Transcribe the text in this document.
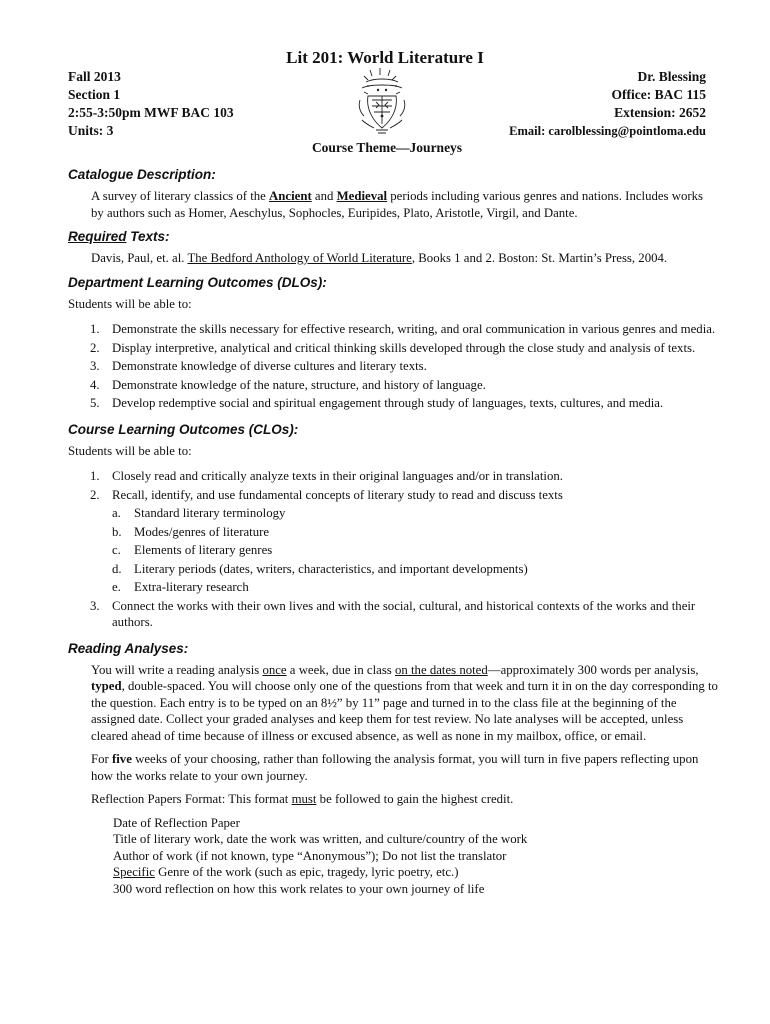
Lit 201: World Literature I
Fall 2013
Section 1
2:55-3:50pm MWF BAC 103
Units: 3
Dr. Blessing
Office: BAC 115
Extension: 2652
Email: carolblessing@pointloma.edu
Course Theme—Journeys
Catalogue Description:

A survey of literary classics of the Ancient and Medieval periods including various genres and nations. Includes works by authors such as Homer, Aeschylus, Sophocles, Euripides, Plato, Aristotle, Virgil, and Dante.

Required Texts:

Davis, Paul, et. al. The Bedford Anthology of World Literature, Books 1 and 2. Boston: St. Martin’s Press, 2004.

Department Learning Outcomes (DLOs):

Students will be able to:

1. Demonstrate the skills necessary for effective research, writing, and oral communication in various genres and media.
2. Display interpretive, analytical and critical thinking skills developed through the close study and analysis of texts.
3. Demonstrate knowledge of diverse cultures and literary texts.
4. Demonstrate knowledge of the nature, structure, and history of language.
5. Develop redemptive social and spiritual engagement through study of languages, texts, cultures, and media.
Course Learning Outcomes (CLOs):

Students will be able to:

1. Closely read and critically analyze texts in their original languages and/or in translation.
2. Recall, identify, and use fundamental concepts of literary study to read and discuss texts
a.	Standard literary terminology
b. Modes/genres of literature
c.	Elements of literary genres
d. Literary periods (dates, writers, characteristics, and important developments)
e.	Extra-literary research
3. Connect the works with their own lives and with the social, cultural, and historical contexts of the works and their authors.
Reading Analyses:

You will write a reading analysis once a week, due in class on the dates noted—approximately 300 words per analysis, typed, double-spaced. You will choose only one of the questions from that week and turn it in on the day corresponding to the question. Each entry is to be typed on an 8½” by 11” page and turned in to the class file at the beginning of the assigned date. Collect your graded analyses and keep them for test review. No late analyses will be accepted, unless cleared ahead of time because of illness or excused absence, as well as none in my mailbox, office, or email.

For five weeks of your choosing, rather than following the analysis format, you will turn in five papers reflecting upon how the works relate to your own journey.

Reflection Papers Format: This format must be followed to gain the highest credit.

Date of Reflection Paper

Title of literary work, date the work was written, and culture/country of the work

Author of work (if not known, type “Anonymous”); Do not list the translator

Specific Genre of the work (such as epic, tragedy, lyric poetry, etc.)

300 word reflection on how this work relates to your own journey of life
